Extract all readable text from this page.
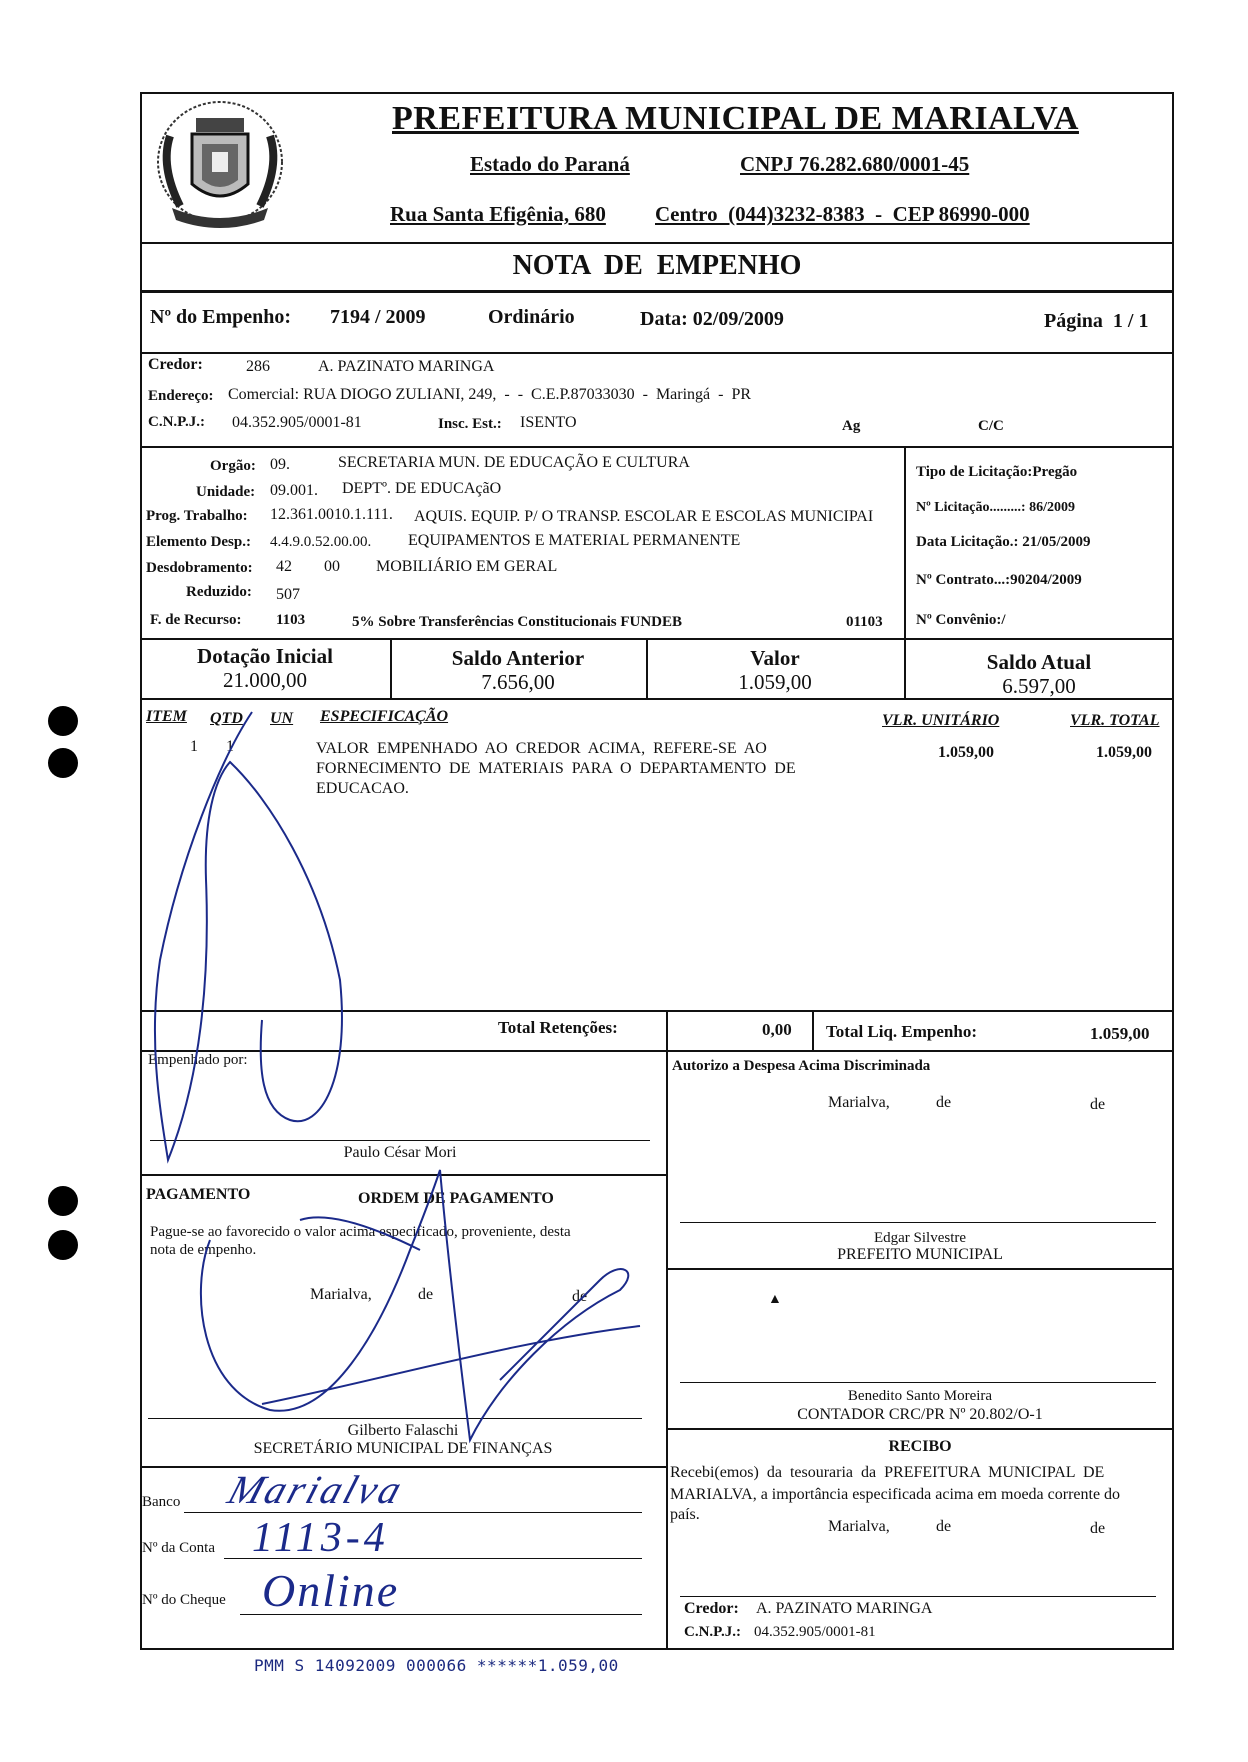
PREFEITURA MUNICIPAL DE MARIALVA
Estado do Paraná	CNPJ 76.282.680/0001-45
Rua Santa Efigênia, 680 Centro  (044)3232-8383  -  CEP 86990-000
NOTA  DE  EMPENHO
Nº do Empenho: 7194 / 2009	Ordinário	Data: 02/09/2009	Página  1 / 1
Credor:	286	A. PAZINATO MARINGA
Endereço: Comercial: RUA DIOGO ZULIANI, 249,  -  -  C.E.P.87033030  -  Maringá  -  PR
C.N.P.J.: 04.352.905/0001-81	Insc. Est.: ISENTO	Ag	C/C
Orgão: 09.	SECRETARIA MUN. DE EDUCAÇÃO E CULTURA
Unidade: 09.001. DEPTº. DE EDUCAçãO
Prog. Trabalho: 12.361.0010.1.111. AQUIS. EQUIP. P/ O TRANSP. ESCOLAR E ESCOLAS MUNICIPAI
Elemento Desp.: 4.4.9.0.52.00.00. EQUIPAMENTOS E MATERIAL PERMANENTE
Desdobramento: 42 00 MOBILIÁRIO EM GERAL
Reduzido: 507
F. de Recurso: 1103	5% Sobre Transferências Constitucionais FUNDEB	01103
Tipo de Licitação:Pregão
Nº Licitação.........: 86/2009
Data Licitação.: 21/05/2009
Nº Contrato...:90204/2009
Nº Convênio:/
Dotação Inicial
21.000,00
Saldo Anterior
7.656,00
Valor
1.059,00
Saldo Atual
6.597,00
ITEM QTD UN ESPECIFICAÇÃO	VLR. UNITÁRIO	VLR. TOTAL
1 1	VALOR  EMPENHADO  AO  CREDOR  ACIMA,  REFERE-SE  AO
FORNECIMENTO  DE  MATERIAIS  PARA  O  DEPARTAMENTO  DE
EDUCACAO.
1.059,00	1.059,00
Total Retenções:	0,00 Total Liq. Empenho:	1.059,00
Empenhado por:
Paulo César Mori
Autorizo a Despesa Acima Discriminada
Marialva,	de	de
Edgar Silvestre
PREFEITO MUNICIPAL
▲
Benedito Santo Moreira
CONTADOR CRC/PR Nº 20.802/O-1
RECIBO
Recebi(emos)  da  tesouraria  da  PREFEITURA  MUNICIPAL  DE
MARIALVA, a importância especificada acima em moeda corrente do
país.
Marialva,	de	de
Credor: A. PAZINATO MARINGA
C.N.P.J.: 04.352.905/0001-81
PAGAMENTO	ORDEM DE PAGAMENTO
Pague-se ao favorecido o valor acima especificado, proveniente, desta
nota de empenho.
Marialva,	de	de
Gilberto Falaschi
SECRETÁRIO MUNICIPAL DE FINANÇAS
Banco Marialva
Nº da Conta 1113-4
Nº do Cheque Online
PMM S 14092009 000066 ******1.059,00
